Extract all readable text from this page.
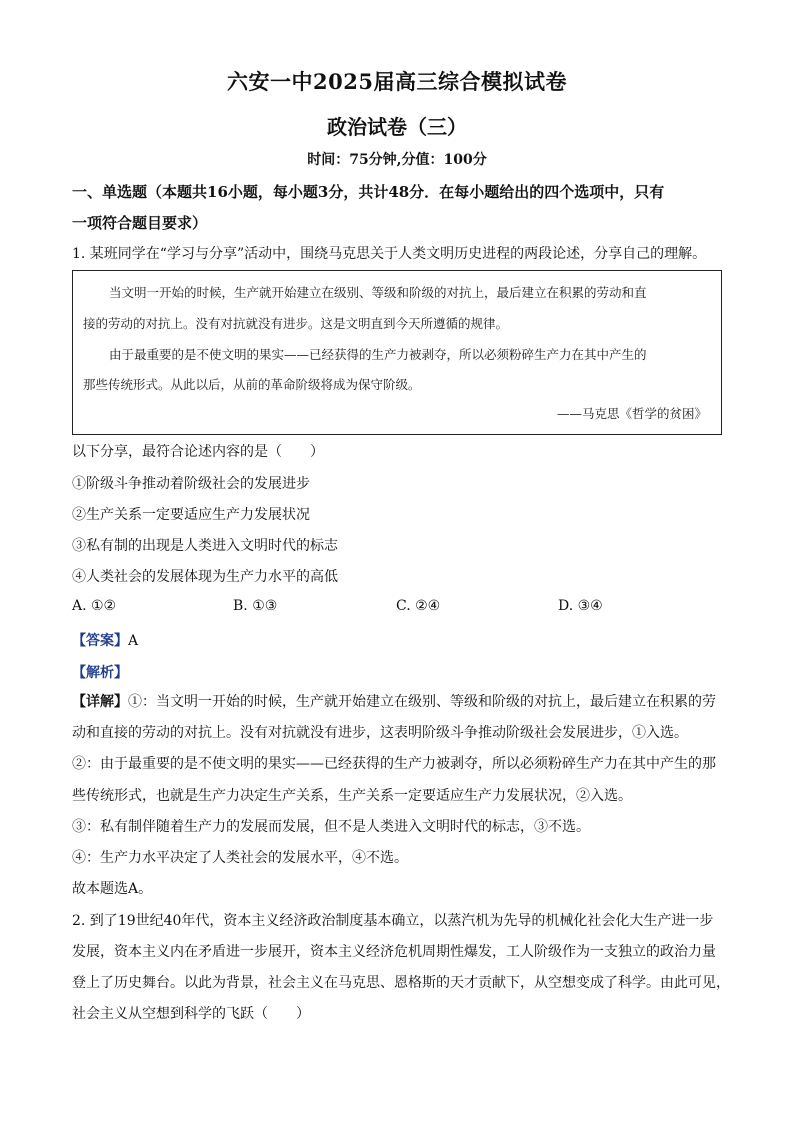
六安一中2025届高三综合模拟试卷
政治试卷（三）
时间：75分钟,分值：100分
一、单选题（本题共16小题，每小题3分，共计48分．在每小题给出的四个选项中，只有
一项符合题目要求）
1. 某班同学在“学习与分享”活动中，围绕马克思关于人类文明历史进程的两段论述，分享自己的理解。
当文明一开始的时候，生产就开始建立在级别、等级和阶级的对抗上，最后建立在积累的劳动和直
接的劳动的对抗上。没有对抗就没有进步。这是文明直到今天所遵循的规律。
由于最重要的是不使文明的果实——已经获得的生产力被剥夺，所以必须粉碎生产力在其中产生的
那些传统形式。从此以后，从前的革命阶级将成为保守阶级。
——马克思《哲学的贫困》
以下分享，最符合论述内容的是（　　）
①阶级斗争推动着阶级社会的发展进步
②生产关系一定要适应生产力发展状况
③私有制的出现是人类进入文明时代的标志
④人类社会的发展体现为生产力水平的高低
A. ①②	B. ①③	C. ②④	D. ③④
【答案】A
【解析】
【详解】①：当文明一开始的时候，生产就开始建立在级别、等级和阶级的对抗上，最后建立在积累的劳
动和直接的劳动的对抗上。没有对抗就没有进步，这表明阶级斗争推动阶级社会发展进步，①入选。
②：由于最重要的是不使文明的果实——已经获得的生产力被剥夺，所以必须粉碎生产力在其中产生的那
些传统形式，也就是生产力决定生产关系，生产关系一定要适应生产力发展状况，②入选。
③：私有制伴随着生产力的发展而发展，但不是人类进入文明时代的标志，③不选。
④：生产力水平决定了人类社会的发展水平，④不选。
故本题选A。
2. 到了19世纪40年代，资本主义经济政治制度基本确立，以蒸汽机为先导的机械化社会化大生产进一步
发展，资本主义内在矛盾进一步展开，资本主义经济危机周期性爆发，工人阶级作为一支独立的政治力量
登上了历史舞台。以此为背景，社会主义在马克思、恩格斯的天才贡献下，从空想变成了科学。由此可见，
社会主义从空想到科学的飞跃（　　）
